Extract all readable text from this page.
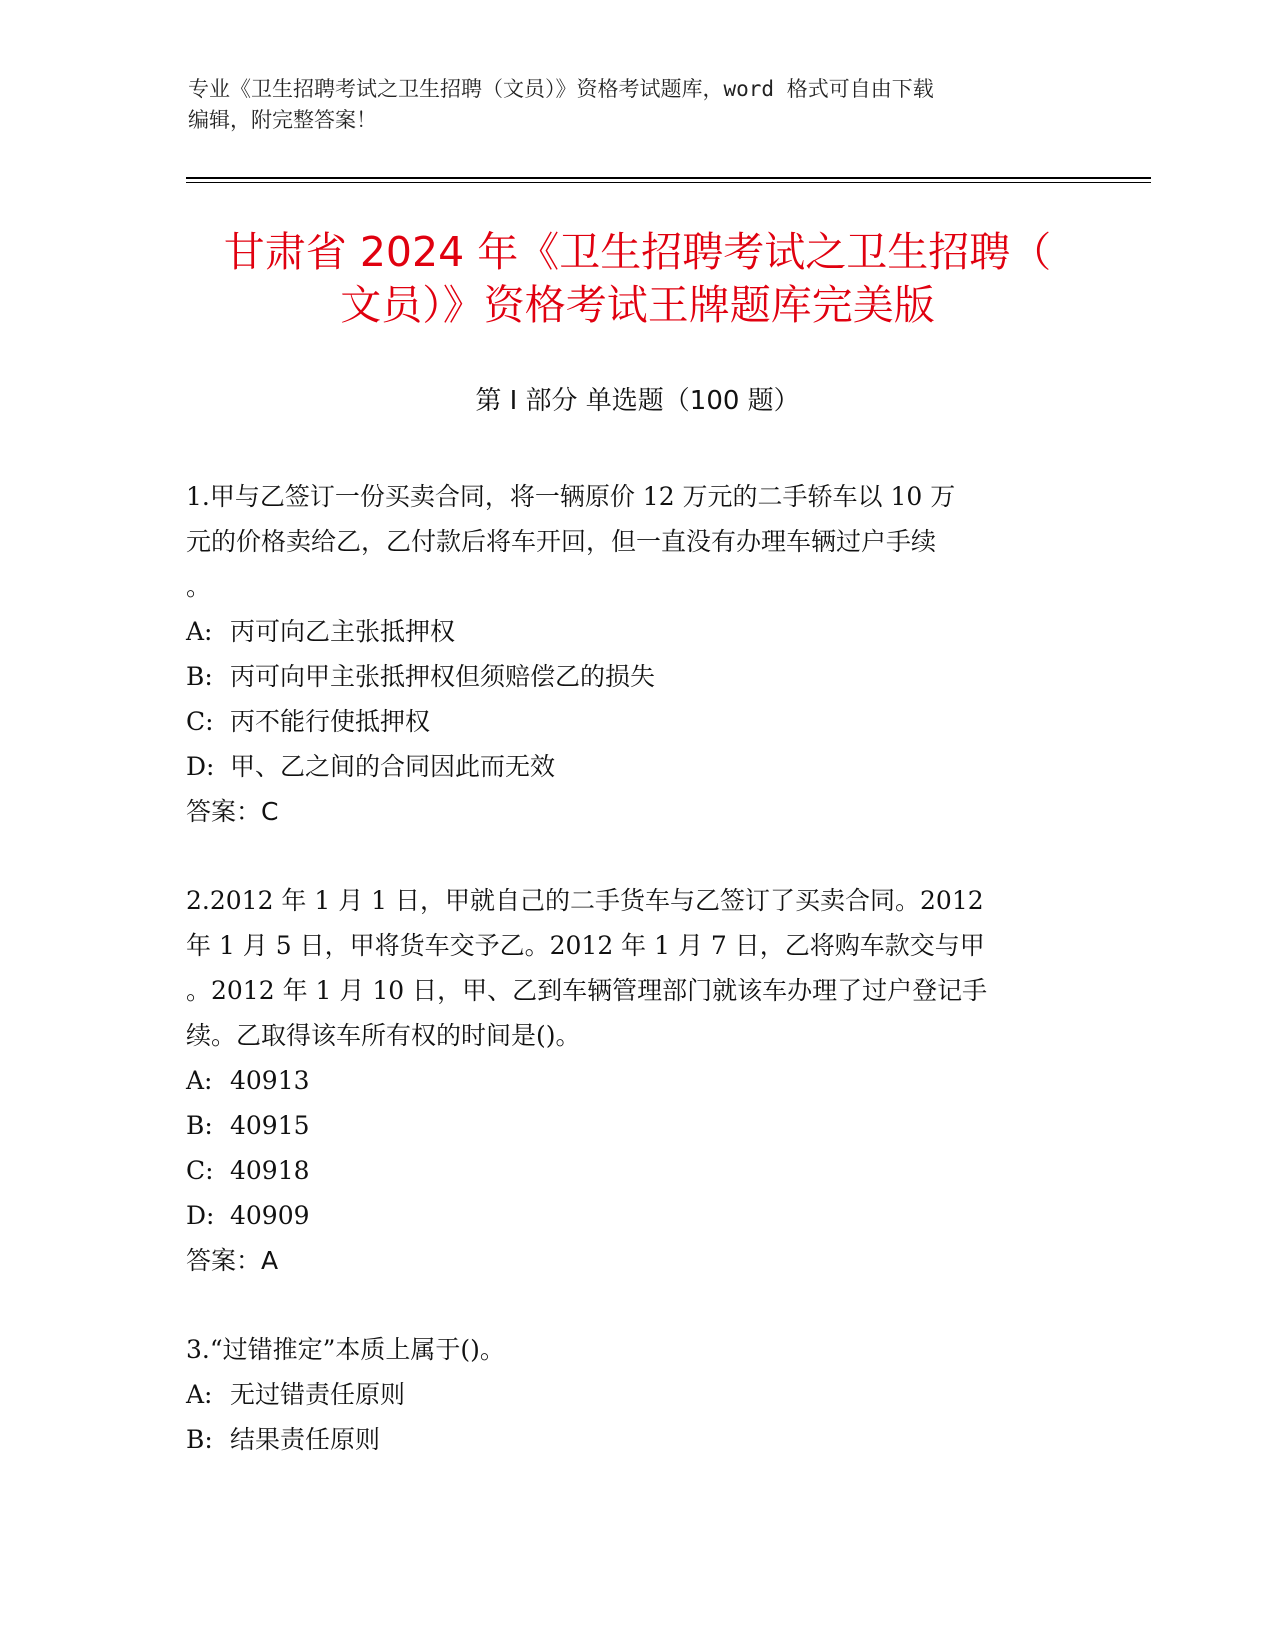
专业《卫生招聘考试之卫生招聘（文员）》资格考试题库，word 格式可自由下载
编辑，附完整答案！
甘肃省 2024 年《卫生招聘考试之卫生招聘（
文员）》资格考试王牌题库完美版
第 I 部分 单选题（100 题）
1.甲与乙签订一份买卖合同，将一辆原价 12 万元的二手轿车以 10 万
元的价格卖给乙，乙付款后将车开回，但一直没有办理车辆过户手续
。
A: 丙可向乙主张抵押权
B: 丙可向甲主张抵押权但须赔偿乙的损失
C: 丙不能行使抵押权
D: 甲、乙之间的合同因此而无效
答案：C
2.2012 年 1 月 1 日，甲就自己的二手货车与乙签订了买卖合同。2012
年 1 月 5 日，甲将货车交予乙。2012 年 1 月 7 日，乙将购车款交与甲
。2012 年 1 月 10 日，甲、乙到车辆管理部门就该车办理了过户登记手
续。乙取得该车所有权的时间是()。
A: 40913
B: 40915
C: 40918
D: 40909
答案：A
3.“过错推定”本质上属于()。
A: 无过错责任原则
B: 结果责任原则
